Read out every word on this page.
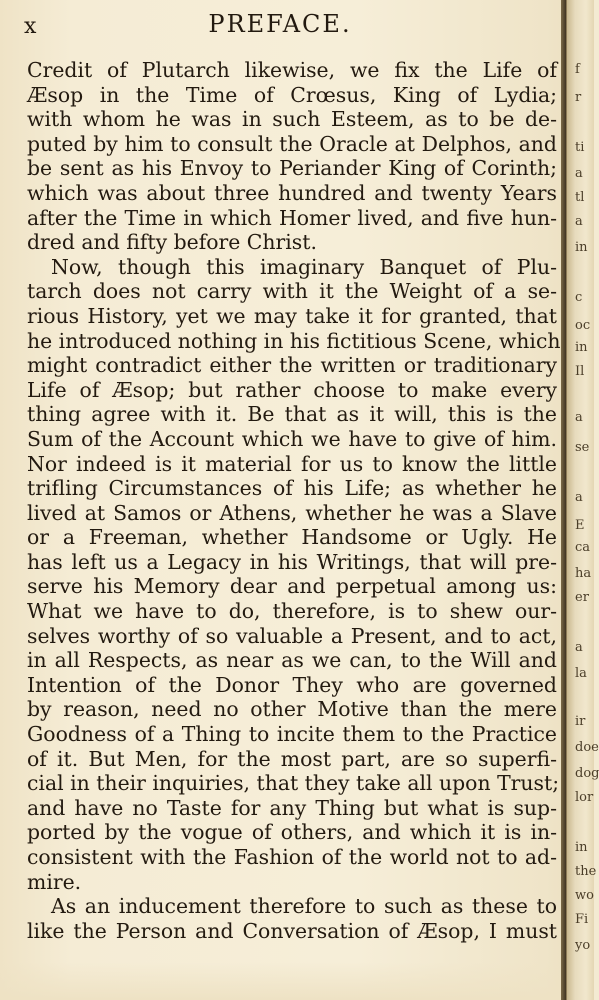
x	PREFACE.
Credit of Plutarch likewise, we fix the Life of
Æsop in the Time of Crœsus, King of Lydia;
with whom he was in such Esteem, as to be de-
puted by him to consult the Oracle at Delphos, and
be sent as his Envoy to Periander King of Corinth;
which was about three hundred and twenty Years
after the Time in which Homer lived, and five hun-
dred and fifty before Christ.
Now, though this imaginary Banquet of Plu-
tarch does not carry with it the Weight of a se-
rious History, yet we may take it for granted, that
he introduced nothing in his fictitious Scene, which
might contradict either the written or traditionary
Life of Æsop; but rather choose to make every
thing agree with it. Be that as it will, this is the
Sum of the Account which we have to give of him.
Nor indeed is it material for us to know the little
trifling Circumstances of his Life; as whether he
lived at Samos or Athens, whether he was a Slave
or a Freeman, whether Handsome or Ugly. He
has left us a Legacy in his Writings, that will pre-
serve his Memory dear and perpetual among us:
What we have to do, therefore, is to shew our-
selves worthy of so valuable a Present, and to act,
in all Respects, as near as we can, to the Will and
Intention of the Donor They who are governed
by reason, need no other Motive than the mere
Goodness of a Thing to incite them to the Practice
of it. But Men, for the most part, are so superfi-
cial in their inquiries, that they take all upon Trust;
and have no Taste for any Thing but what is sup-
ported by the vogue of others, and which it is in-
consistent with the Fashion of the world not to ad-
mire.
As an inducement therefore to such as these to
like the Person and Conversation of Æsop, I must
f
r
ti
a
tl
a
in
c
oc
in
Il
a
se
a
E
ca
ha
er
a
la
ir
doe
dog
lor
in
the
wo
Fi
yo
